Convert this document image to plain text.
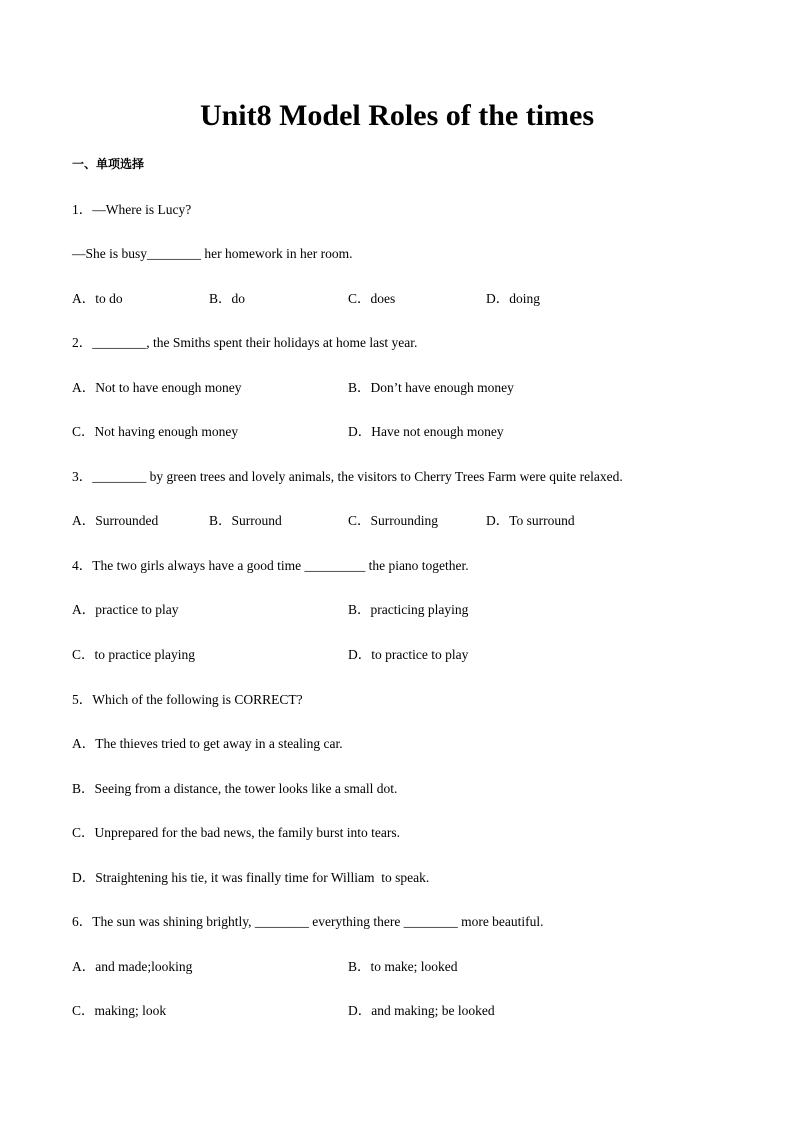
Unit8 Model Roles of the times
一、单项选择
1．—Where is Lucy?
—She is busy________ her homework in her room.
A．to do	B．do	C．does	D．doing
2．________, the Smiths spent their holidays at home last year.
A．Not to have enough money	B．Don’t have enough money
C．Not having enough money	D．Have not enough money
3．________ by green trees and lovely animals, the visitors to Cherry Trees Farm were quite relaxed.
A．Surrounded	B．Surround	C．Surrounding	D．To surround
4．The two girls always have a good time _________ the piano together.
A．practice to play	B．practicing playing
C．to practice playing	D．to practice to play
5．Which of the following is CORRECT?
A．The thieves tried to get away in a stealing car.
B．Seeing from a distance, the tower looks like a small dot.
C．Unprepared for the bad news, the family burst into tears.
D．Straightening his tie, it was finally time for William  to speak.
6．The sun was shining brightly, ________ everything there ________ more beautiful.
A．and made;looking	B．to make; looked
C．making; look	D．and making; be looked
